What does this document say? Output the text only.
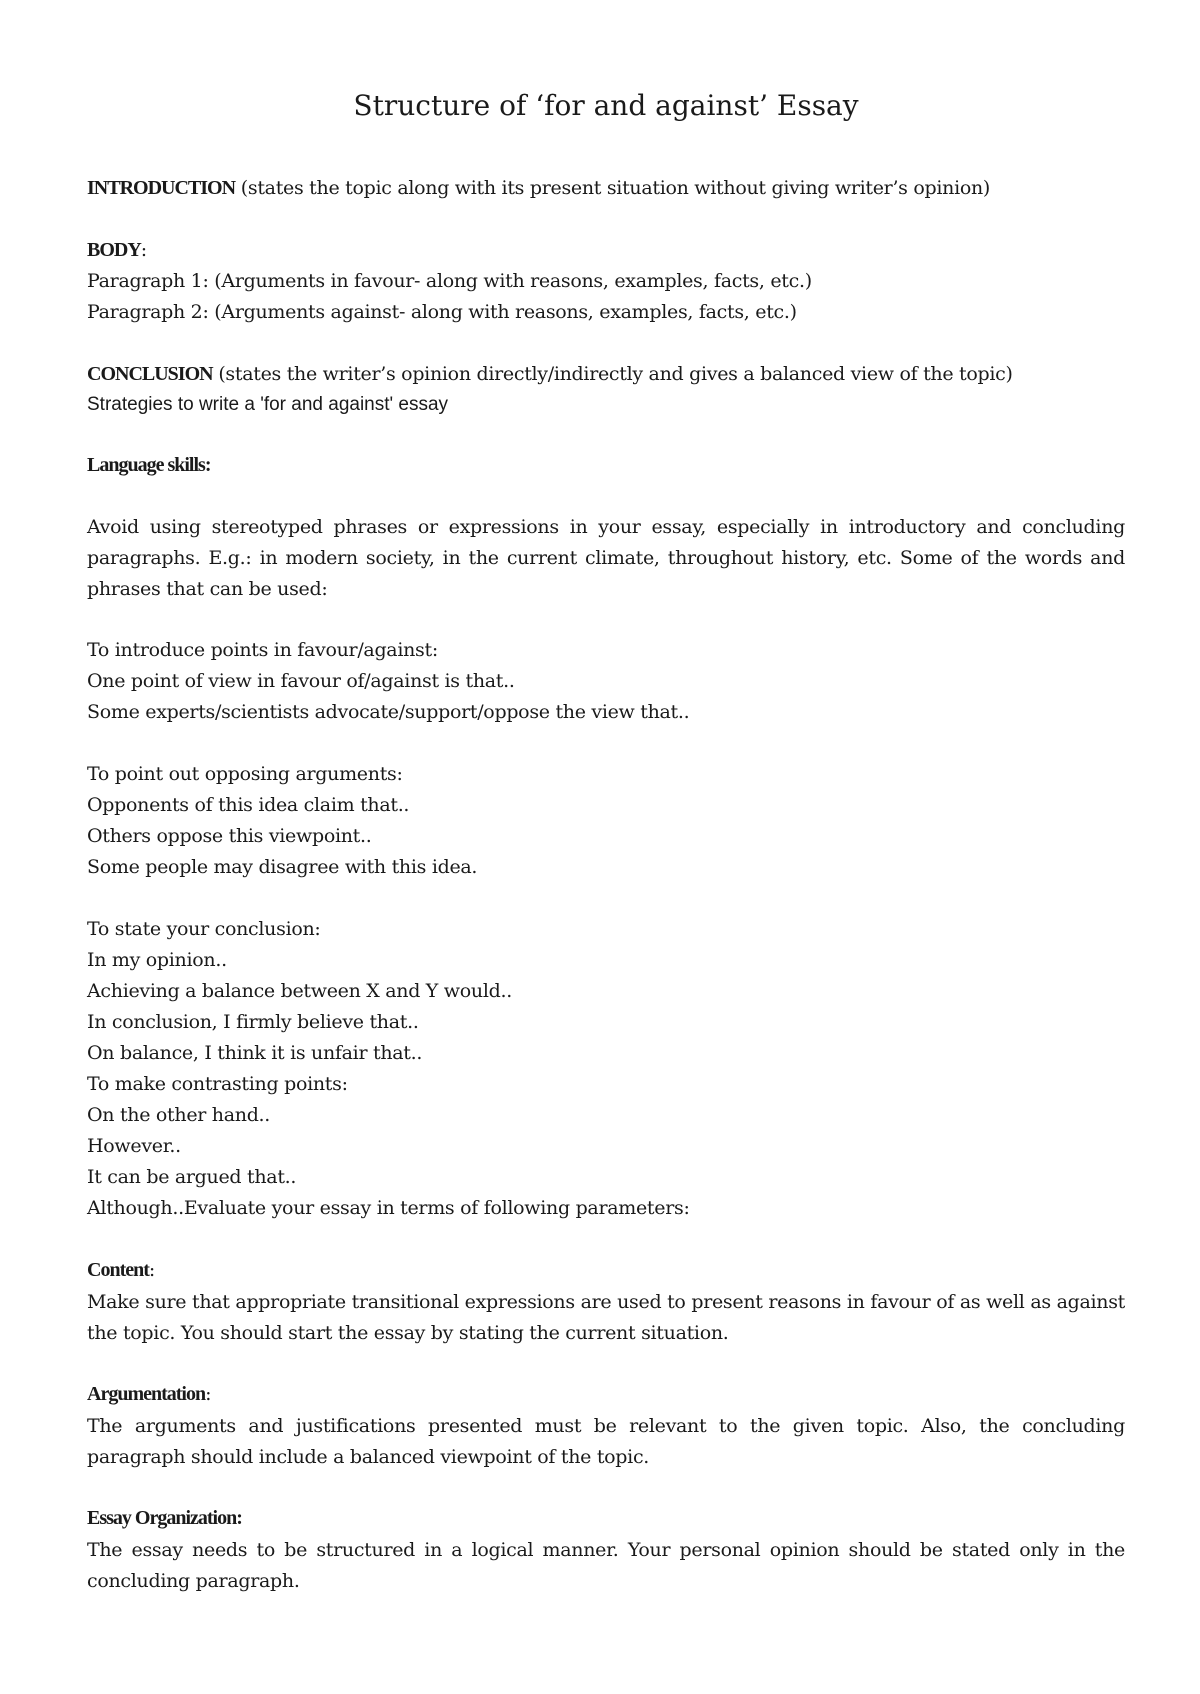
Structure of ‘for and against’ Essay
INTRODUCTION (states the topic along with its present situation without giving writer’s opinion)
BODY:
Paragraph 1: (Arguments in favour- along with reasons, examples, facts, etc.)
Paragraph 2: (Arguments against- along with reasons, examples, facts, etc.)
CONCLUSION (states the writer’s opinion directly/indirectly and gives a balanced view of the topic)
Strategies to write a 'for and against' essay
Language skills:
Avoid using stereotyped phrases or expressions in your essay, especially in introductory and concluding paragraphs. E.g.: in modern society, in the current climate, throughout history, etc. Some of the words and phrases that can be used:
To introduce points in favour/against:
One point of view in favour of/against is that..
Some experts/scientists advocate/support/oppose the view that..
To point out opposing arguments:
Opponents of this idea claim that..
Others oppose this viewpoint..
Some people may disagree with this idea.
To state your conclusion:
In my opinion..
Achieving a balance between X and Y would..
In conclusion, I firmly believe that..
On balance, I think it is unfair that..
To make contrasting points:
On the other hand..
However..
It can be argued that..
Although..Evaluate your essay in terms of following parameters:
Content:
Make sure that appropriate transitional expressions are used to present reasons in favour of as well as against the topic. You should start the essay by stating the current situation.
Argumentation:
The arguments and justifications presented must be relevant to the given topic. Also, the concluding paragraph should include a balanced viewpoint of the topic.
Essay Organization:
The essay needs to be structured in a logical manner. Your personal opinion should be stated only in the concluding paragraph.
